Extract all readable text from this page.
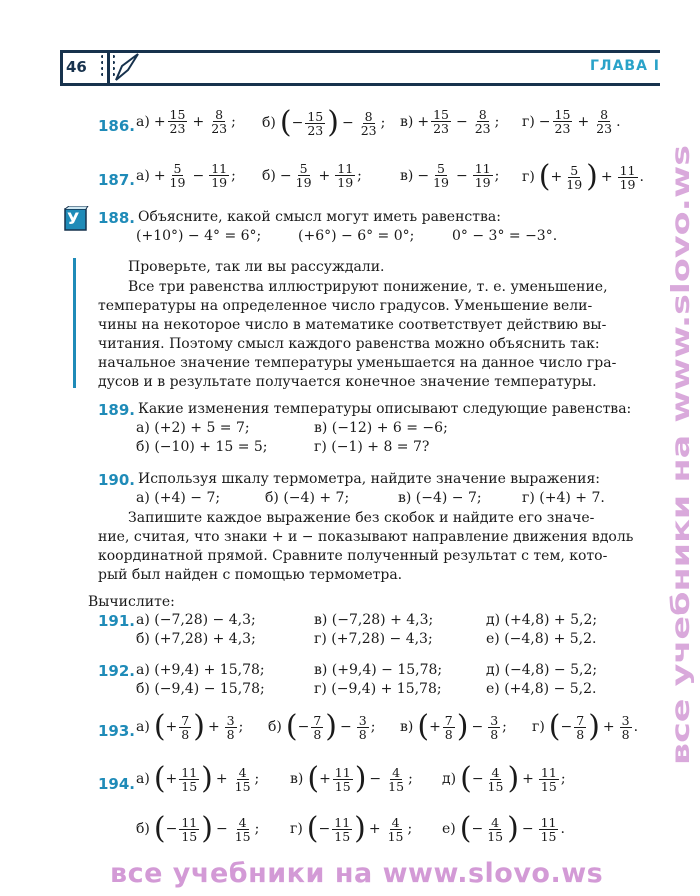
46	ГЛАВА I
186. $а) + \frac{15}{23} + \frac{8}{23}$ ; б) ( − $\frac{15}{23}$ ) − $\frac{8}{23}$ ; $в) + \frac{15}{23} - \frac{8}{23}$ ; $г) - \frac{15}{23} + \frac{8}{23}$ .
187. $а) + \frac{5}{19} - \frac{11}{19}$ ; $б) - \frac{5}{19} + \frac{11}{19}$ ;	$в) - \frac{5}{19} - \frac{11}{19}$ ; г) ( + $\frac{5}{19}$ ) + $\frac{11}{19}$ .
У 188. Объясните, какой смысл могут иметь равенства:
(+10°) − 4° = 6°;	(+6°) − 6° = 0°;	0° − 3° = −3°.
Проверьте, так ли вы рассуждали.
Все три равенства иллюстрируют понижение, т. е. уменьшение,
температуры на определенное число градусов. Уменьшение вели-
чины на некоторое число в математике соответствует действию вы-
читания. Поэтому смысл каждого равенства можно объяснить так:
начальное значение температуры уменьшается на данное число гра-
дусов и в результате получается конечное значение температуры.
189. Какие изменения температуры описывают следующие равенства:
а) (+2) + 5 = 7;	в) (−12) + 6 = −6;
б) (−10) + 15 = 5;	г) (−1) + 8 = 7?
190. Используя шкалу термометра, найдите значение выражения:
а) (+4) − 7;	б) (−4) + 7;	в) (−4) − 7;	г) (+4) + 7.
Запишите каждое выражение без скобок и найдите его значе-
ние, считая, что знаки + и − показывают направление движения вдоль
координатной прямой. Сравните полученный результат с тем, кото-
рый был найден с помощью термометра.
Вычислите:
191. а) (−7,28) − 4,3;	в) (−7,28) + 4,3;	д) (+4,8) + 5,2;
б) (+7,28) + 4,3;	г) (+7,28) − 4,3;	е) (−4,8) + 5,2.
192. а) (+9,4) + 15,78;	в) (+9,4) − 15,78;	д) (−4,8) − 5,2;
б) (−9,4) − 15,78;	г) (−9,4) + 15,78;	е) (+4,8) − 5,2.
193. а) ( + $\frac{7}{8}$ ) + $\frac{3}{8}$ ; б) ( − $\frac{7}{8}$ ) − $\frac{3}{8}$ ; в) ( + $\frac{7}{8}$ ) − $\frac{3}{8}$ ; г) ( − $\frac{7}{8}$ ) + $\frac{3}{8}$ .
194. а) ( + $\frac{11}{15}$ ) + $\frac{4}{15}$ ; в) ( + $\frac{11}{15}$ ) − $\frac{4}{15}$ ; д) ( − $\frac{4}{15}$ ) + $\frac{11}{15}$ ;
б) ( − $\frac{11}{15}$ ) − $\frac{4}{15}$ ; г) ( − $\frac{11}{15}$ ) + $\frac{4}{15}$ ; е) ( − $\frac{4}{15}$ ) − $\frac{11}{15}$ .
все учебники на www.slovo.ws
все учебники на www.slovo.ws
